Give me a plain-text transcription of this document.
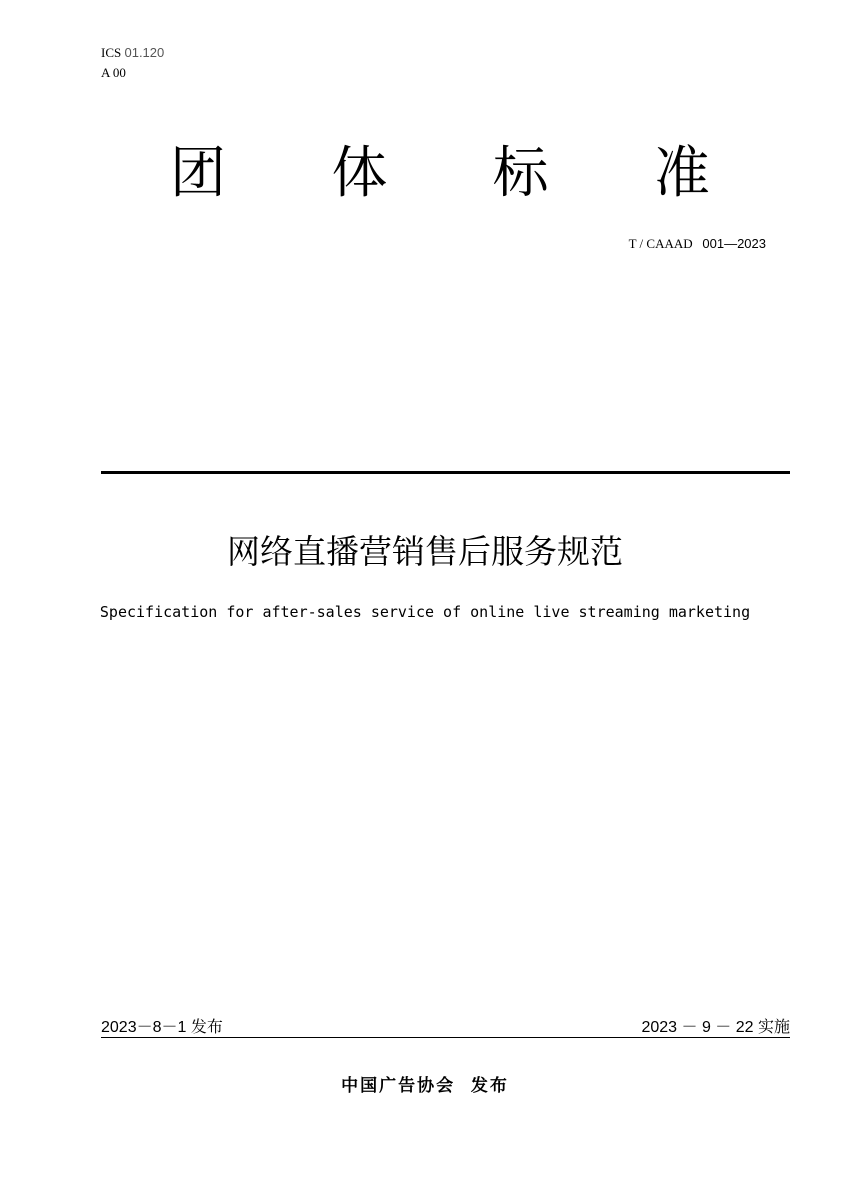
ICS 01.120
A 00
团 体 标 准
T / CAAAD 001—2023
网络直播营销售后服务规范
Specification for after-sales service of online live streaming marketing
2023－8－1 发布	2023 － 9 － 22 实施
中国广告协会  发布
